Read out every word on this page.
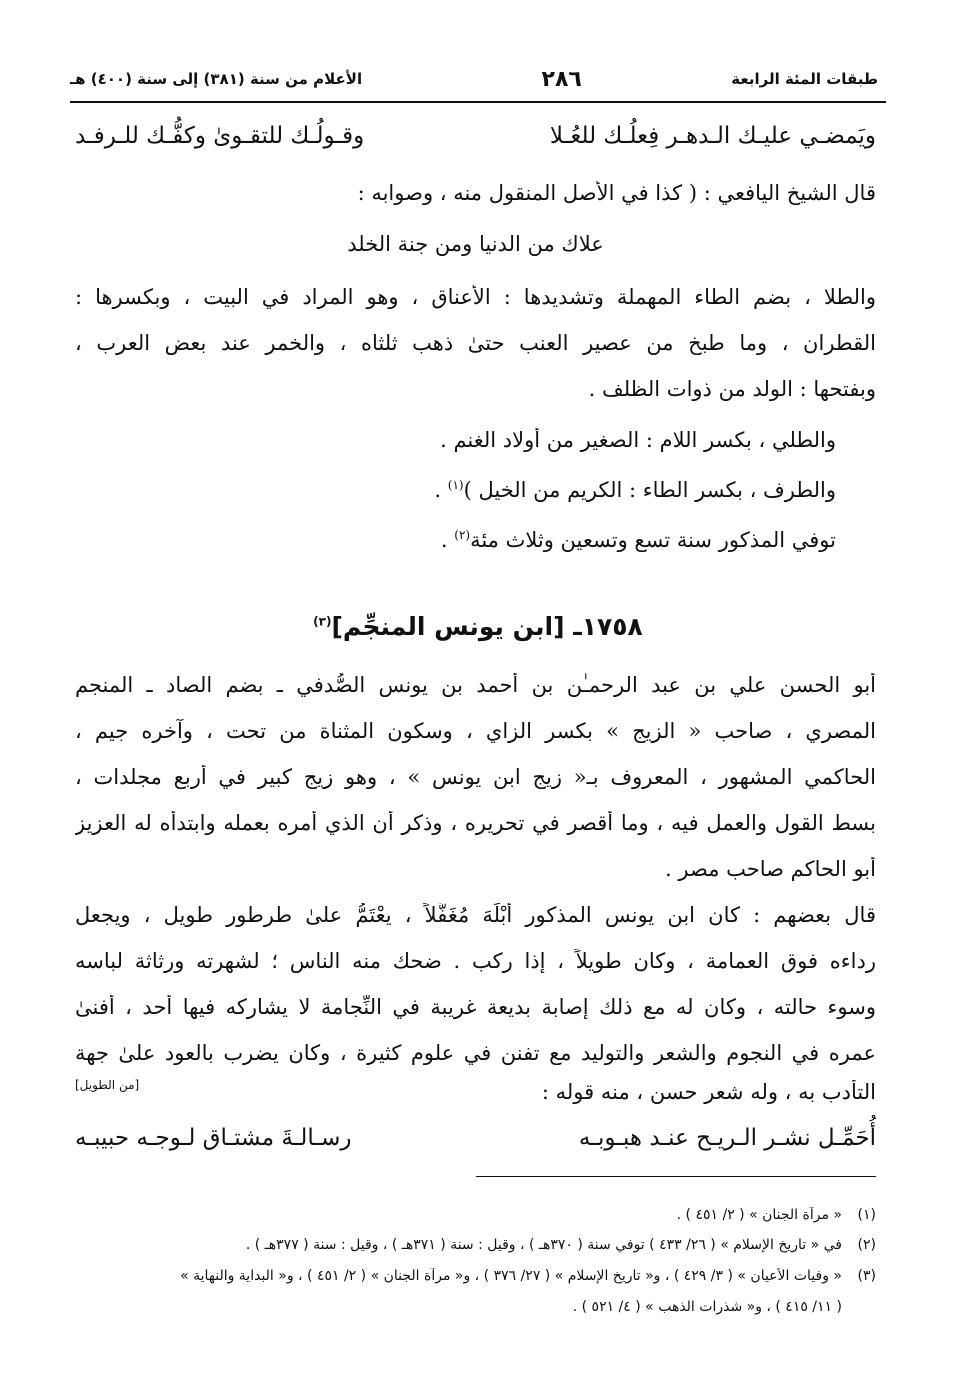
طبقات المئة الرابعة
٢٨٦
الأعلام من سنة (٣٨١) إلى سنة (٤٠٠) هـ
ويَمضـي عليـك الـدهـر فِعلُـك للعُـلا
وقـولُـك للتقـوىٰ وكفُّـك للـرفـد
قال الشيخ اليافعي : ( كذا في الأصل المنقول منه ، وصوابه :
علاك من الدنيا ومن جنة الخلد
والطلا ، بضم الطاء المهملة وتشديدها : الأعناق ، وهو المراد في البيت ، وبكسرها :
القطران ، وما طبخ من عصير العنب حتىٰ ذهب ثلثاه ، والخمر عند بعض العرب ،
وبفتحها : الولد من ذوات الظلف .
والطلي ، بكسر اللام : الصغير من أولاد الغنم .
والطرف ، بكسر الطاء : الكريم من الخيل )$^{(١)}$ .
توفي المذكور سنة تسع وتسعين وثلاث مئة$^{(٢)}$ .
١٧٥٨ـ [ابن يونس المنجِّم]$^{(٣)}$
أبو الحسن علي بن عبد الرحمـٰن بن أحمد بن يونس الصُّدفي ـ بضم الصاد ـ المنجم
المصري ، صاحب « الزيج » بكسر الزاي ، وسكون المثناة من تحت ، وآخره جيم ،
الحاكمي المشهور ، المعروف بـ« زيج ابن يونس » ، وهو زيج كبير في أربع مجلدات ،
بسط القول والعمل فيه ، وما أقصر في تحريره ، وذكر أن الذي أمره بعمله وابتدأه له العزيز
أبو الحاكم صاحب مصر .
قال بعضهم : كان ابن يونس المذكور أَبْلَهَ مُغَفَّلاً ، يعْتَمُّ علىٰ طرطور طويل ، ويجعل
رداءه فوق العمامة ، وكان طويلاً ، إذا ركب . ضحك منه الناس ؛ لشهرته ورثاثة لباسه
وسوء حالته ، وكان له مع ذلك إصابة بديعة غريبة في النِّجامة لا يشاركه فيها أحد ، أفنىٰ
عمره في النجوم والشعر والتوليد مع تفنن في علوم كثيرة ، وكان يضرب بالعود علىٰ جهة
التأدب به ، وله شعر حسن ، منه قوله :
[من الطويل]
أُحَمِّـل نشـر الـريـح عنـد هبـوبـه
رسـالـةَ مشتـاق لـوجـه حبيبـه
(١)« مرآة الجنان » ( ٢/ ٤٥١ ) .
(٢)في « تاريخ الإسلام » ( ٢٦/ ٤٣٣ ) توفي سنة ( ٣٧٠هـ ) ، وقيل : سنة ( ٣٧١هـ ) ، وقيل : سنة ( ٣٧٧هـ ) .
(٣)« وفيات الأعيان » ( ٣/ ٤٢٩ ) ، و« تاريخ الإسلام » ( ٢٧/ ٣٧٦ ) ، و« مرآة الجنان » ( ٢/ ٤٥١ ) ، و« البداية والنهاية »
( ١١/ ٤١٥ ) ، و« شذرات الذهب » ( ٤/ ٥٢١ ) .
